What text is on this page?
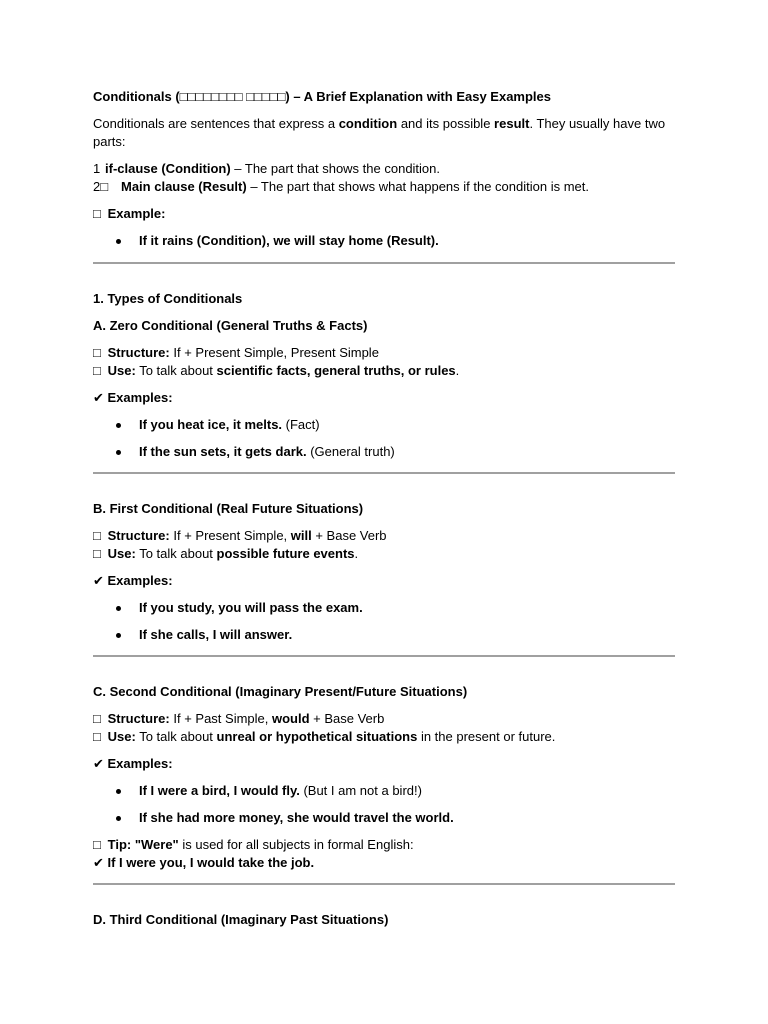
Conditionals (□□□□□□□□ □□□□□) – A Brief Explanation with Easy Examples

Conditionals are sentences that express a condition and its possible result. They usually have two parts:

1 if-clause (Condition) – The part that shows the condition.

2□ Main clause (Result) – The part that shows what happens if the condition is met.

□ Example:

If it rains (Condition), we will stay home (Result).

1. Types of Conditionals

A. Zero Conditional (General Truths & Facts)

□ Structure: If + Present Simple, Present Simple

□ Use: To talk about scientific facts, general truths, or rules.

✔ Examples:

If you heat ice, it melts. (Fact)
If the sun sets, it gets dark. (General truth)

B. First Conditional (Real Future Situations)

□ Structure: If + Present Simple, will + Base Verb

□ Use: To talk about possible future events.

✔ Examples:

If you study, you will pass the exam.
If she calls, I will answer.

C. Second Conditional (Imaginary Present/Future Situations)

□ Structure: If + Past Simple, would + Base Verb

□ Use: To talk about unreal or hypothetical situations in the present or future.

✔ Examples:

If I were a bird, I would fly. (But I am not a bird!)
If she had more money, she would travel the world.

□ Tip: "Were" is used for all subjects in formal English:

✔ If I were you, I would take the job.

D. Third Conditional (Imaginary Past Situations)
